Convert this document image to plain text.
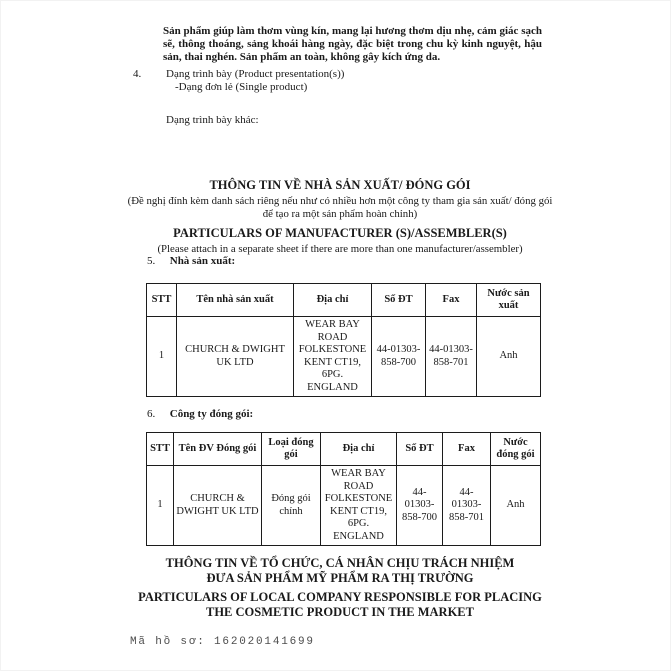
Sản phẩm giúp làm thơm vùng kín, mang lại hương thơm dịu nhẹ, cảm giác sạch sẽ, thông thoáng, sảng khoái hàng ngày, đặc biệt trong chu kỳ kinh nguyệt, hậu sản, thai nghén. Sản phẩm an toàn, không gây kích ứng da.
4.	Dạng trình bày (Product presentation(s))
-Dạng đơn lẻ (Single product)
Dạng trình bày khác:
THÔNG TIN VỀ NHÀ SẢN XUẤT/ ĐÓNG GÓI
(Đề nghị đính kèm danh sách riêng nếu như có nhiều hơn một công ty tham gia sản xuất/ đóng gói để tạo ra một sản phẩm hoàn chỉnh)
PARTICULARS OF MANUFACTURER (S)/ASSEMBLER(S)
(Please attach in a separate sheet if there are more than one manufacturer/assembler)
5. Nhà sản xuất:
STT	Tên nhà sản xuất	Địa chỉ	Số ĐT	Fax	Nước sản xuất
1	CHURCH & DWIGHT UK LTD	WEAR BAY ROAD FOLKESTONE KENT CT19, 6PG. ENGLAND	44-01303-858-700	44-01303-858-701	Anh
6. Công ty đóng gói:
STT	Tên ĐV Đóng gói	Loại đóng gói	Địa chỉ	Số ĐT	Fax	Nước đóng gói
1	CHURCH & DWIGHT UK LTD	Đóng gói chính	WEAR BAY ROAD FOLKESTONE KENT CT19, 6PG. ENGLAND	44-01303-858-700	44-01303-858-701	Anh
THÔNG TIN VỀ TỔ CHỨC, CÁ NHÂN CHỊU TRÁCH NHIỆM
ĐƯA SẢN PHẨM MỸ PHẨM RA THỊ TRƯỜNG
PARTICULARS OF LOCAL COMPANY RESPONSIBLE FOR PLACING
THE COSMETIC PRODUCT IN THE MARKET
Mã hồ sơ: 162020141699
